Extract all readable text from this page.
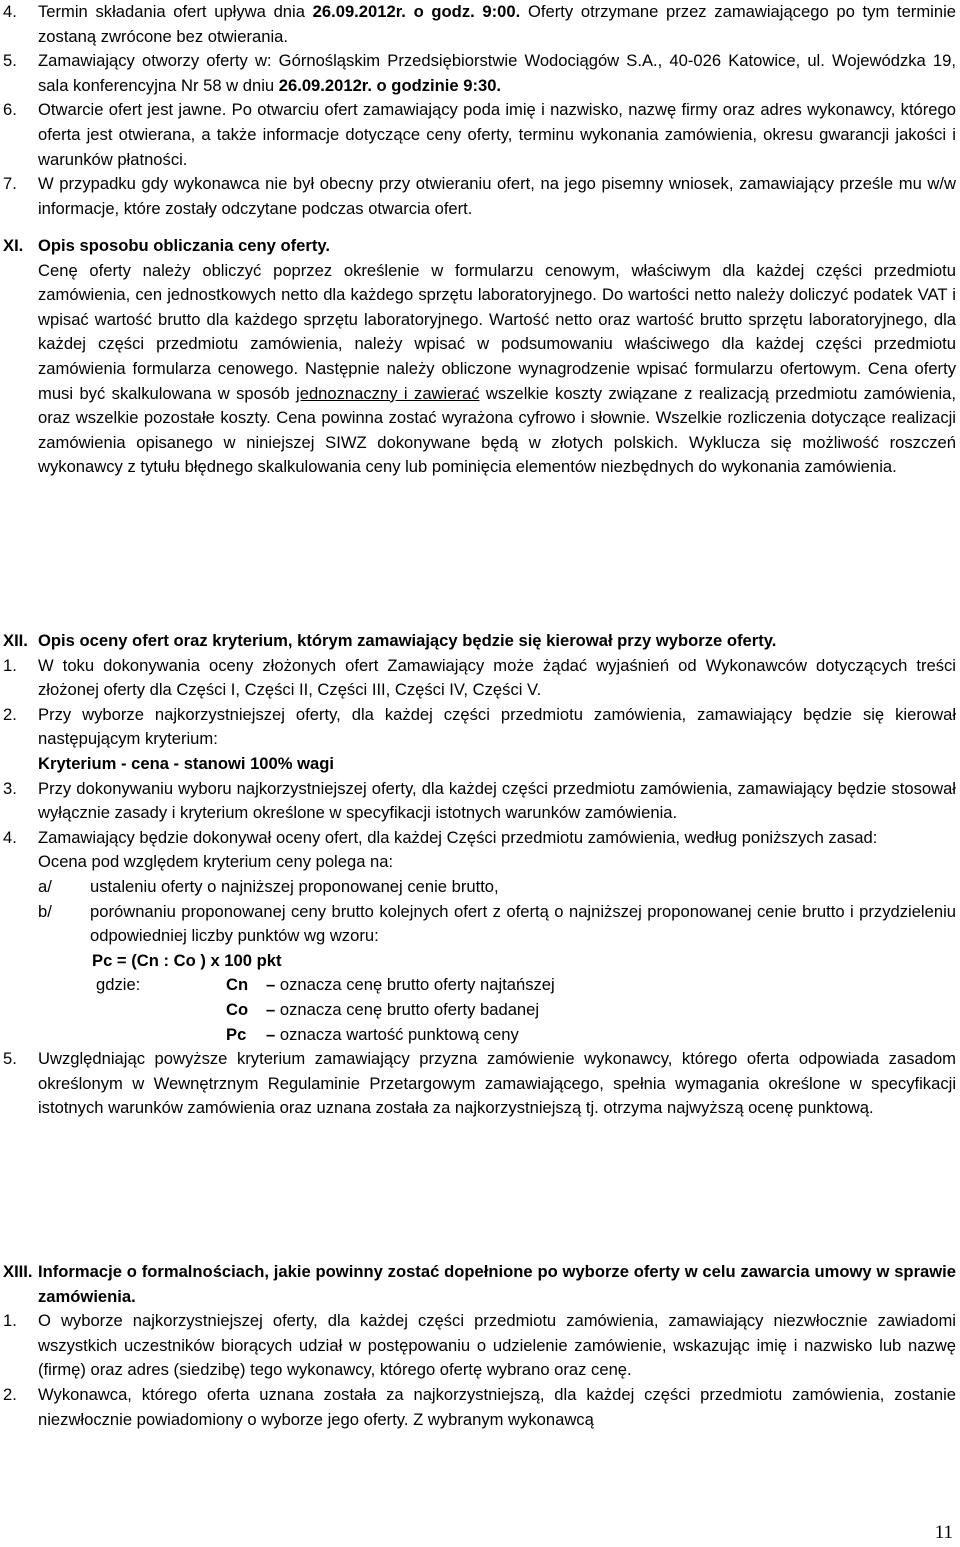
4.	Termin składania ofert upływa dnia 26.09.2012r. o godz. 9:00. Oferty otrzymane przez zamawiającego po tym terminie zostaną zwrócone bez otwierania.
5.	Zamawiający otworzy oferty w: Górnośląskim Przedsiębiorstwie Wodociągów S.A., 40-026 Katowice, ul. Wojewódzka 19, sala konferencyjna Nr 58 w dniu 26.09.2012r. o godzinie 9:30.
6.	Otwarcie ofert jest jawne. Po otwarciu ofert zamawiający poda imię i nazwisko, nazwę firmy oraz adres wykonawcy, którego oferta jest otwierana, a także informacje dotyczące ceny oferty, terminu wykonania zamówienia, okresu gwarancji jakości i warunków płatności.
7.	W przypadku gdy wykonawca nie był obecny przy otwieraniu ofert, na jego pisemny wniosek, zamawiający prześle mu w/w informacje, które zostały odczytane podczas otwarcia ofert.
XI. Opis sposobu obliczania ceny oferty.
Cenę oferty należy obliczyć poprzez określenie w formularzu cenowym, właściwym dla każdej części przedmiotu zamówienia, cen jednostkowych netto dla każdego sprzętu laboratoryjnego. Do wartości netto należy doliczyć podatek VAT i wpisać wartość brutto dla każdego sprzętu laboratoryjnego. Wartość netto oraz wartość brutto sprzętu laboratoryjnego, dla każdej części przedmiotu zamówienia, należy wpisać w podsumowaniu właściwego dla każdej części przedmiotu zamówienia formularza cenowego. Następnie należy obliczone wynagrodzenie wpisać formularzu ofertowym. Cena oferty musi być skalkulowana w sposób jednoznaczny i zawierać wszelkie koszty związane z realizacją przedmiotu zamówienia, oraz wszelkie pozostałe koszty. Cena powinna zostać wyrażona cyfrowo i słownie. Wszelkie rozliczenia dotyczące realizacji zamówienia opisanego w niniejszej SIWZ dokonywane będą w złotych polskich. Wyklucza się możliwość roszczeń wykonawcy z tytułu błędnego skalkulowania ceny lub pominięcia elementów niezbędnych do wykonania zamówienia.
XII. Opis oceny ofert oraz kryterium, którym zamawiający będzie się kierował przy wyborze oferty.
1.	W toku dokonywania oceny złożonych ofert Zamawiający może żądać wyjaśnień od Wykonawców dotyczących treści złożonej oferty dla Części I, Części II, Części III, Części IV, Części V.
2.	Przy wyborze najkorzystniejszej oferty, dla każdej części przedmiotu zamówienia, zamawiający będzie się kierował następującym kryterium:
Kryterium - cena - stanowi 100% wagi
3.	Przy dokonywaniu wyboru najkorzystniejszej oferty, dla każdej części przedmiotu zamówienia, zamawiający będzie stosował wyłącznie zasady i kryterium określone w specyfikacji istotnych warunków zamówienia.
4.	Zamawiający będzie dokonywał oceny ofert, dla każdej Części przedmiotu zamówienia, według poniższych zasad:
Ocena pod względem kryterium ceny polega na:
a/	ustaleniu oferty o najniższej proponowanej cenie brutto,
b/	porównaniu proponowanej ceny brutto kolejnych ofert z ofertą o najniższej proponowanej cenie brutto i przydzieleniu odpowiedniej liczby punktów wg wzoru:
Pc = (Cn : Co ) x 100 pkt
gdzie:	Cn	– oznacza cenę brutto oferty najtańszej
Co	– oznacza cenę brutto oferty badanej
Pc	– oznacza wartość punktową ceny
5.	Uwzględniając powyższe kryterium zamawiający przyzna zamówienie wykonawcy, którego oferta odpowiada zasadom określonym w Wewnętrznym Regulaminie Przetargowym zamawiającego, spełnia wymagania określone w specyfikacji istotnych warunków zamówienia oraz uznana została za najkorzystniejszą tj. otrzyma najwyższą ocenę punktową.
XIII. Informacje o formalnościach, jakie powinny zostać dopełnione po wyborze oferty w celu zawarcia umowy w sprawie zamówienia.
1.	O wyborze najkorzystniejszej oferty, dla każdej części przedmiotu zamówienia, zamawiający niezwłocznie zawiadomi wszystkich uczestników biorących udział w postępowaniu o udzielenie zamówienie, wskazując imię i nazwisko lub nazwę (firmę) oraz adres (siedzibę) tego wykonawcy, którego ofertę wybrano oraz cenę.
2.	Wykonawca, którego oferta uznana została za najkorzystniejszą, dla każdej części przedmiotu zamówienia, zostanie niezwłocznie powiadomiony o wyborze jego oferty. Z wybranym wykonawcą
11
